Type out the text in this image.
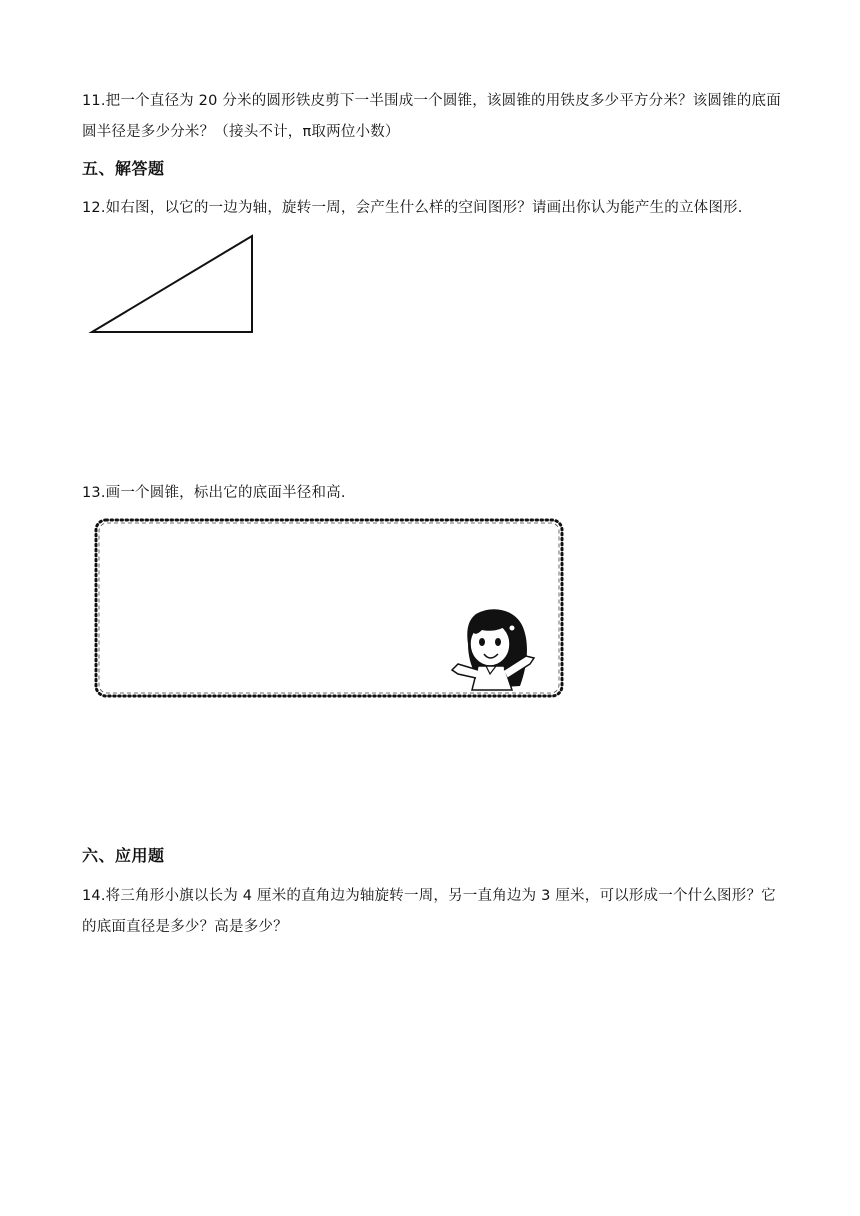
11.把一个直径为 20 分米的圆形铁皮剪下一半围成一个圆锥，该圆锥的用铁皮多少平方分米？该圆锥的底面圆半径是多少分米？（接头不计，π取两位小数）
五、解答题
12.如右图，以它的一边为轴，旋转一周，会产生什么样的空间图形？请画出你认为能产生的立体图形.
13.画一个圆锥，标出它的底面半径和高.
六、应用题
14.将三角形小旗以长为 4 厘米的直角边为轴旋转一周，另一直角边为 3 厘米，可以形成一个什么图形？它的底面直径是多少？高是多少？
